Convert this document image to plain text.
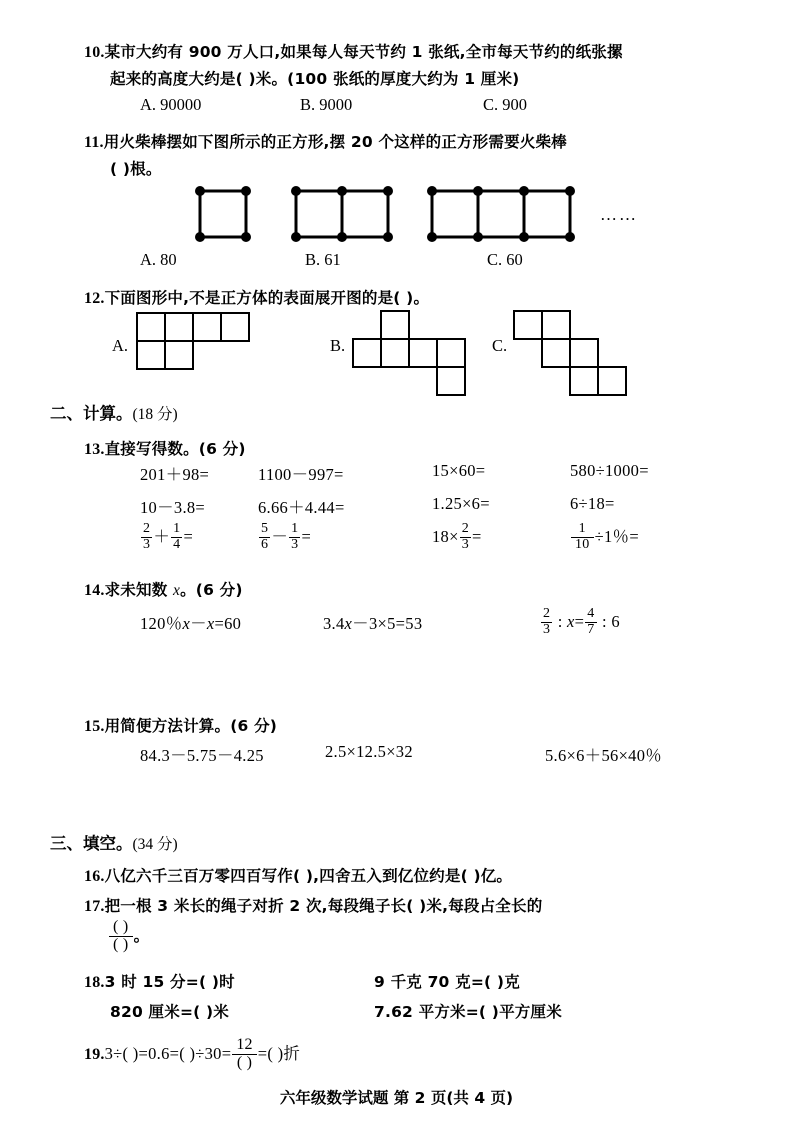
10.某市大约有 900 万人口,如果每人每天节约 1 张纸,全市每天节约的纸张摞
起来的高度大约是( )米。(100 张纸的厚度大约为 1 厘米)
A. 90000	B. 9000	C. 900
11.用火柴棒摆如下图所示的正方形,摆 20 个这样的正方形需要火柴棒
( )根。
……
A. 80	B. 61	C. 60
12.下面图形中,不是正方体的表面展开图的是( )。
A.	B.	C.
二、计算。(18 分)
13.直接写得数。(6 分)
201＋98=	1100－997=	15×60=	580÷1000=
10－3.8=	6.66＋4.44=	1.25×6=	6÷18=
$\frac{2}{3} + \frac{1}{4}$ =	$\frac{5}{6} - \frac{1}{3}$ =	$18\times \frac{2}{3}$ =	$\frac{1}{10} \div 1$％=
14.求未知数 x。(6 分)
120％x－x=60	3.4x－3×5=53	$\frac{2}{3}$ : $x= \frac{4}{7}$ : 6
15.用简便方法计算。(6 分)
84.3－5.75－4.25	2.5×12.5×32	5.6×6＋56×40％
三、填空。(34 分)
16.八亿六千三百万零四百写作( ),四舍五入到亿位约是( )亿。
17.把一根 3 米长的绳子对折 2 次,每段绳子长( )米,每段占全长的
$\frac{( )}{( )}$ 。
18.3 时 15 分=( )时	9 千克 70 克=( )克
820 厘米=( )米	7.62 平方米=( )平方厘米
19.3÷( )=0.6=( )$\div 30= \frac{12}{( )}$ =( )折
六年级数学试题 第 2 页(共 4 页)
